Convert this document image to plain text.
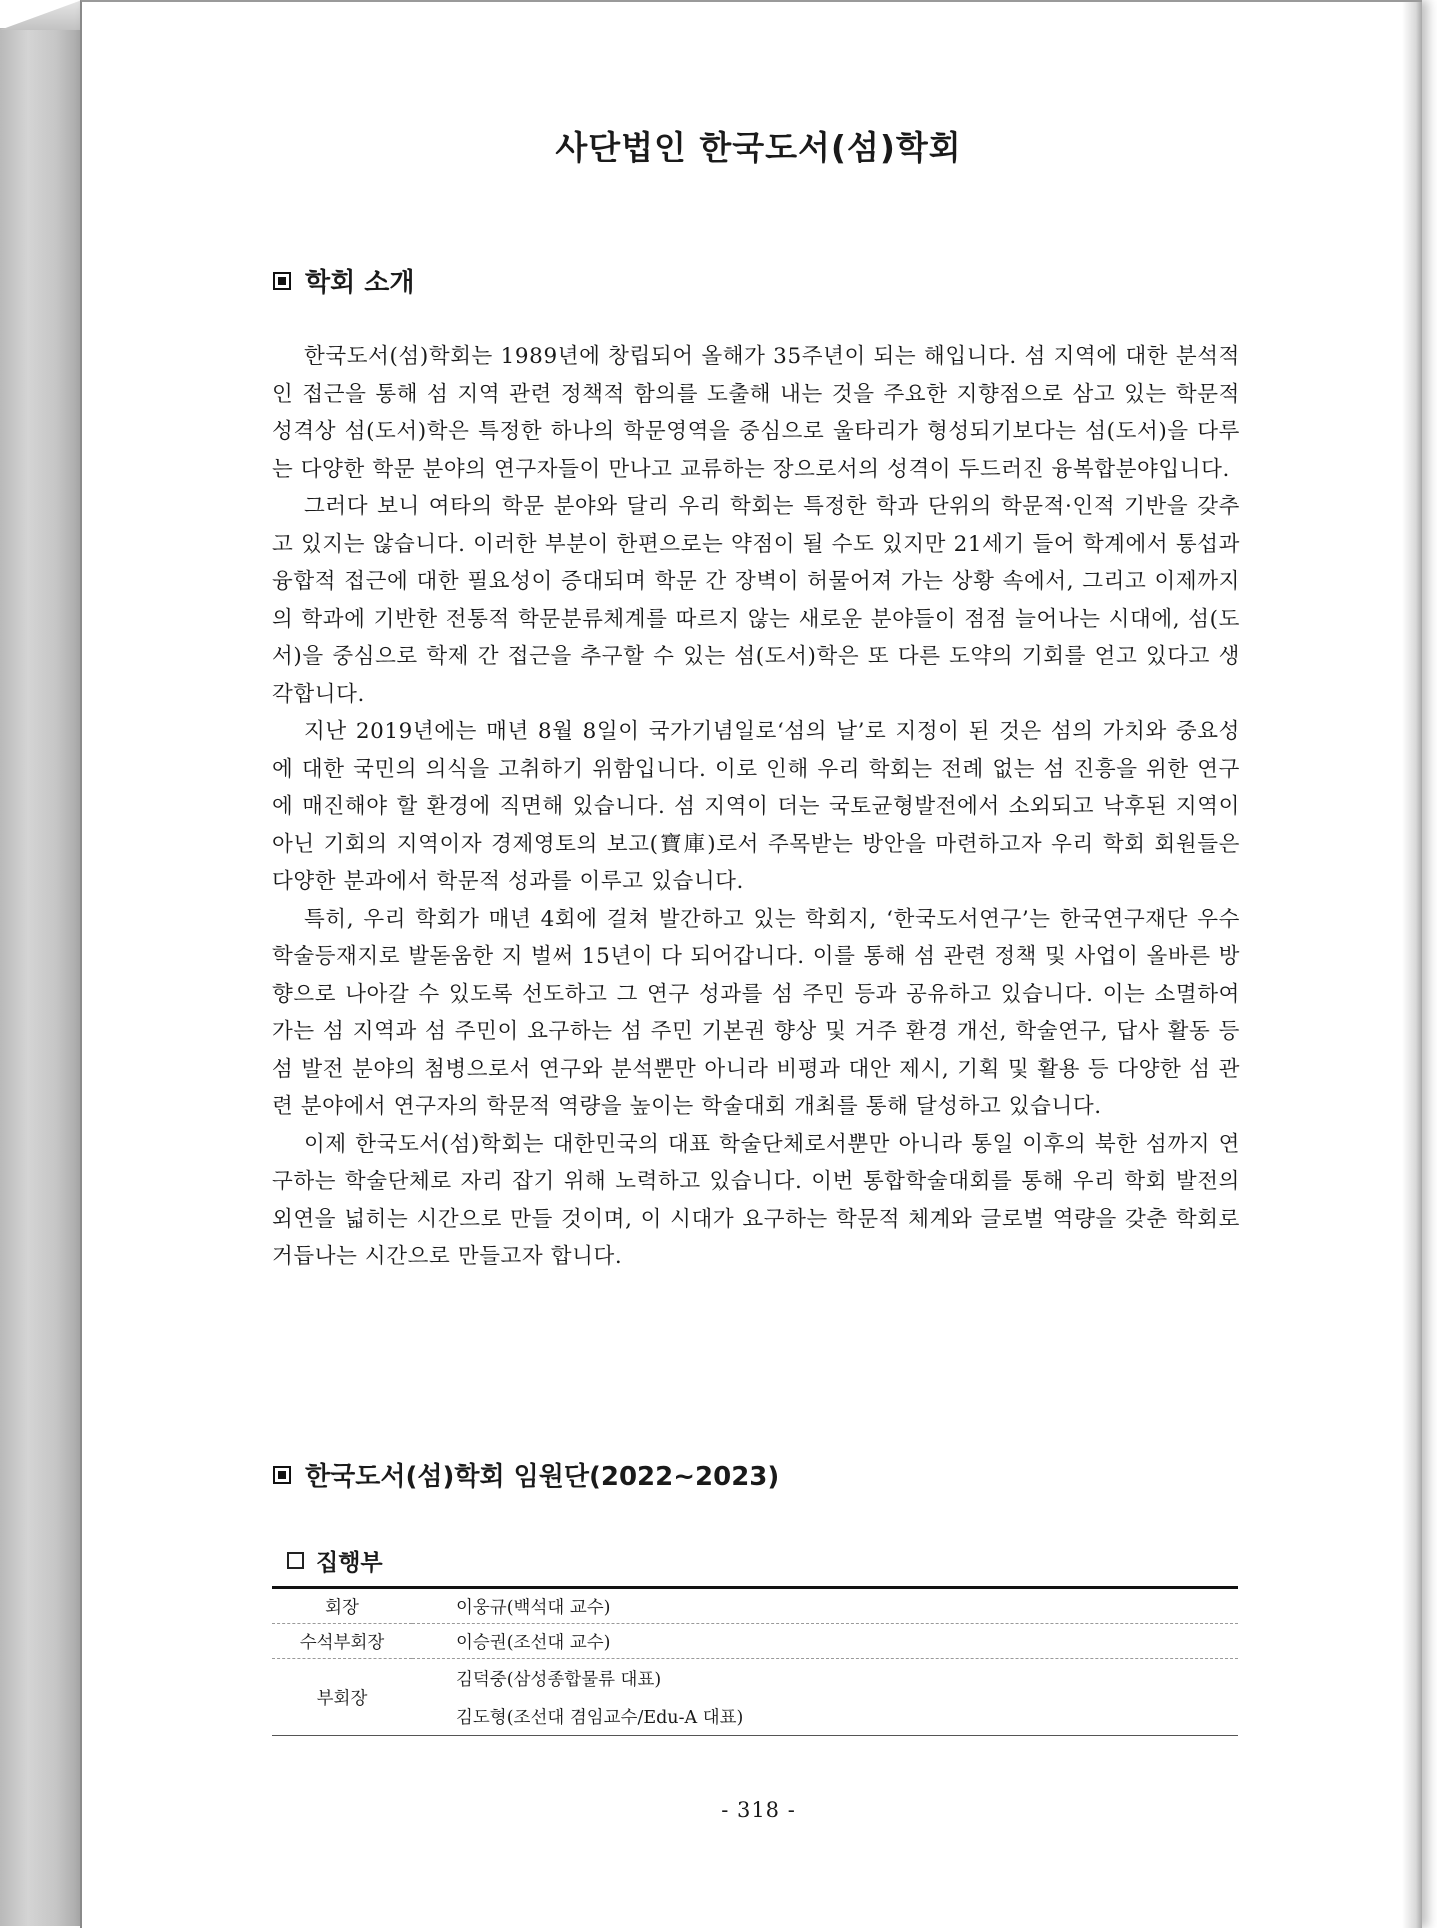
사단법인 한국도서(섬)학회
학회 소개

한국도서(섬)학회는 1989년에 창립되어 올해가 35주년이 되는 해입니다. 섬 지역에 대한 분석적인 접근을 통해 섬 지역 관련 정책적 함의를 도출해 내는 것을 주요한 지향점으로 삼고 있는 학문적 성격상 섬(도서)학은 특정한 하나의 학문영역을 중심으로 울타리가 형성되기보다는 섬(도서)을 다루는 다양한 학문 분야의 연구자들이 만나고 교류하는 장으로서의 성격이 두드러진 융복합분야입니다.

그러다 보니 여타의 학문 분야와 달리 우리 학회는 특정한 학과 단위의 학문적·인적 기반을 갖추고 있지는 않습니다. 이러한 부분이 한편으로는 약점이 될 수도 있지만 21세기 들어 학계에서 통섭과 융합적 접근에 대한 필요성이 증대되며 학문 간 장벽이 허물어져 가는 상황 속에서, 그리고 이제까지의 학과에 기반한 전통적 학문분류체계를 따르지 않는 새로운 분야들이 점점 늘어나는 시대에, 섬(도서)을 중심으로 학제 간 접근을 추구할 수 있는 섬(도서)학은 또 다른 도약의 기회를 얻고 있다고 생각합니다.

지난 2019년에는 매년 8월 8일이 국가기념일로‘섬의 날’로 지정이 된 것은 섬의 가치와 중요성에 대한 국민의 의식을 고취하기 위함입니다. 이로 인해 우리 학회는 전례 없는 섬 진흥을 위한 연구에 매진해야 할 환경에 직면해 있습니다. 섬 지역이 더는 국토균형발전에서 소외되고 낙후된 지역이 아닌 기회의 지역이자 경제영토의 보고(寶庫)로서 주목받는 방안을 마련하고자 우리 학회 회원들은 다양한 분과에서 학문적 성과를 이루고 있습니다.

특히, 우리 학회가 매년 4회에 걸쳐 발간하고 있는 학회지, ‘한국도서연구’는 한국연구재단 우수학술등재지로 발돋움한 지 벌써 15년이 다 되어갑니다. 이를 통해 섬 관련 정책 및 사업이 올바른 방향으로 나아갈 수 있도록 선도하고 그 연구 성과를 섬 주민 등과 공유하고 있습니다. 이는 소멸하여 가는 섬 지역과 섬 주민이 요구하는 섬 주민 기본권 향상 및 거주 환경 개선, 학술연구, 답사 활동 등 섬 발전 분야의 첨병으로서 연구와 분석뿐만 아니라 비평과 대안 제시, 기획 및 활용 등 다양한 섬 관련 분야에서 연구자의 학문적 역량을 높이는 학술대회 개최를 통해 달성하고 있습니다.

이제 한국도서(섬)학회는 대한민국의 대표 학술단체로서뿐만 아니라 통일 이후의 북한 섬까지 연구하는 학술단체로 자리 잡기 위해 노력하고 있습니다. 이번 통합학술대회를 통해 우리 학회 발전의 외연을 넓히는 시간으로 만들 것이며, 이 시대가 요구하는 학문적 체계와 글로벌 역량을 갖춘 학회로 거듭나는 시간으로 만들고자 합니다.

한국도서(섬)학회 임원단(2022~2023)
집행부
회장	이웅규(백석대 교수)
수석부회장	이승권(조선대 교수)
부회장	김덕중(삼성종합물류 대표)
	김도형(조선대 겸임교수/Edu-A 대표)
- 318 -
